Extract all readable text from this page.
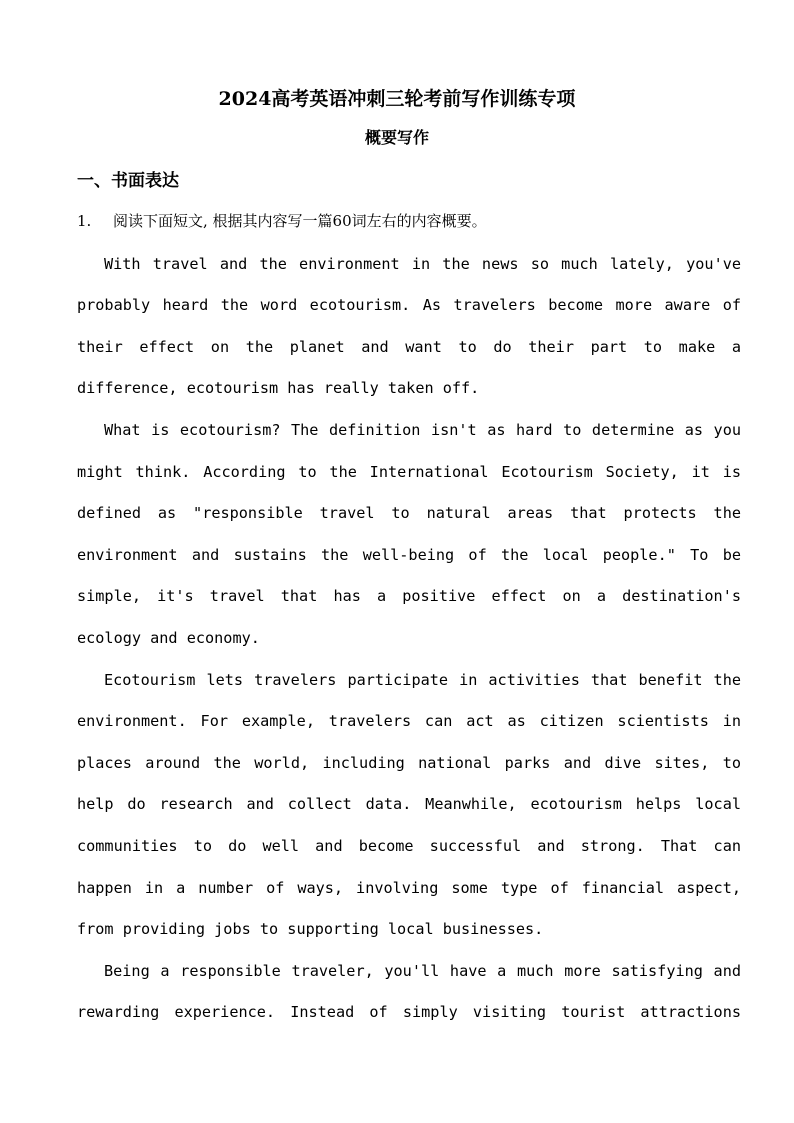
2024高考英语冲刺三轮考前写作训练专项
概要写作
一、书面表达
1. 阅读下面短文, 根据其内容写一篇60词左右的内容概要。
With travel and the environment in the news so much lately, you've
probably heard the word ecotourism. As travelers become more aware of
their effect on the planet and want to do their part to make a
difference, ecotourism has really taken off.
What is ecotourism? The definition isn't as hard to determine as you
might think. According to the International Ecotourism Society, it is
defined as "responsible travel to natural areas that protects the
environment and sustains the well-being of the local people." To be
simple, it's travel that has a positive effect on a destination's
ecology and economy.
Ecotourism lets travelers participate in activities that benefit the
environment. For example, travelers can act as citizen scientists in
places around the world, including national parks and dive sites, to
help do research and collect data. Meanwhile, ecotourism helps local
communities to do well and become successful and strong. That can
happen in a number of ways, involving some type of financial aspect,
from providing jobs to supporting local businesses.
Being a responsible traveler, you'll have a much more satisfying and
rewarding experience. Instead of simply visiting tourist attractions
